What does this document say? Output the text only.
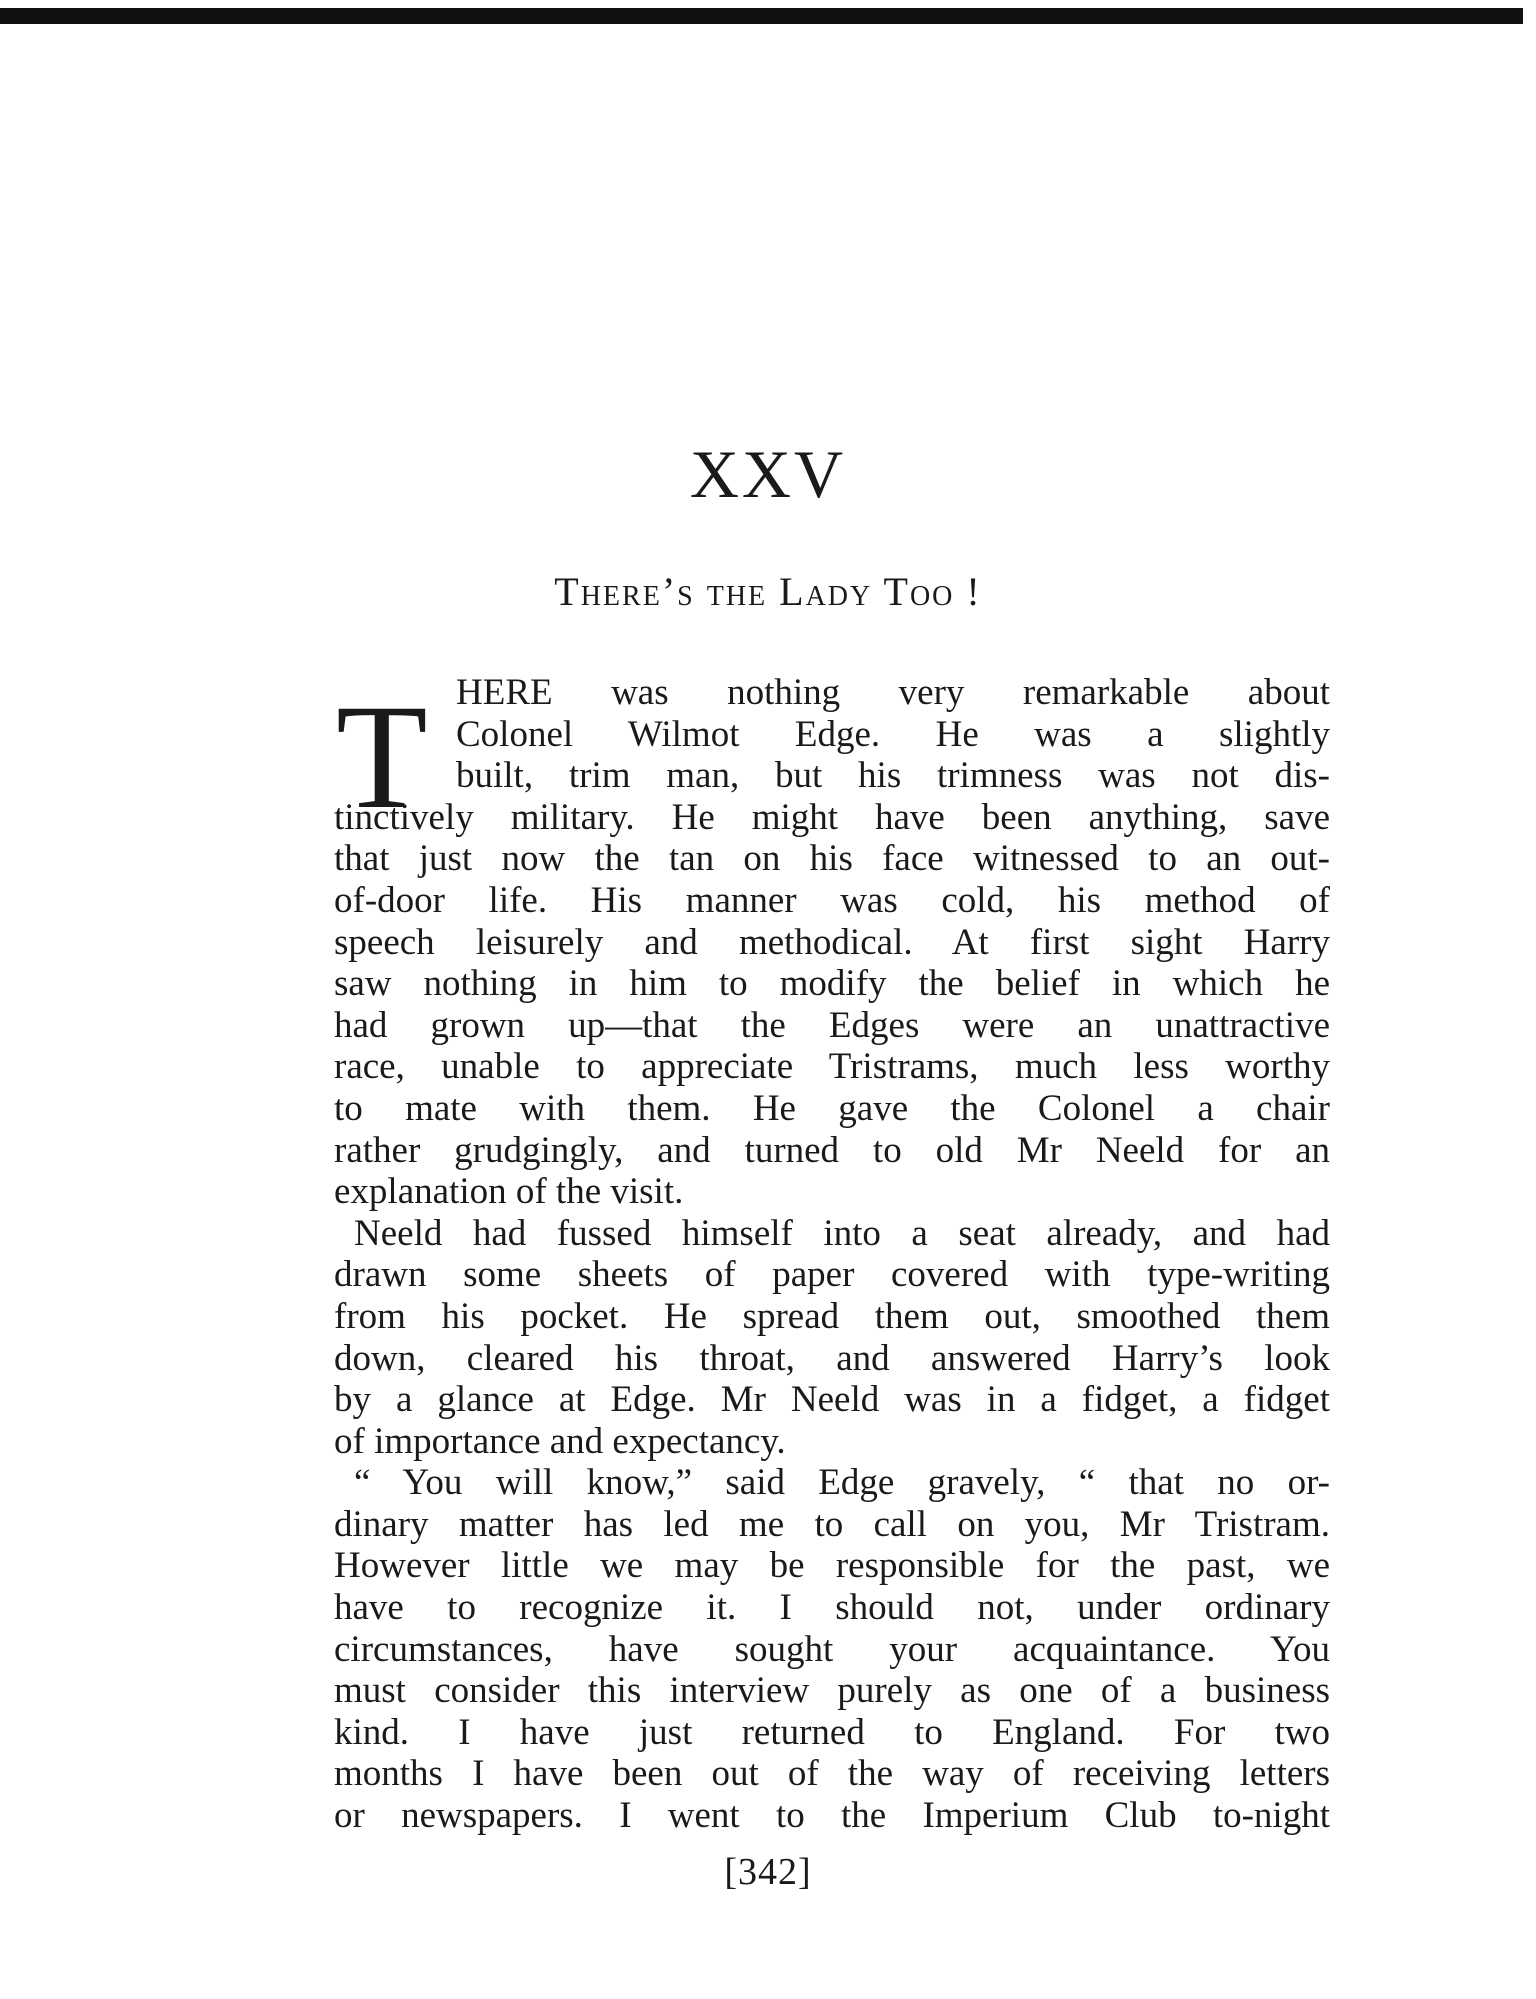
XXV
There’s the Lady Too !
T HERE was nothing very remarkable about
Colonel Wilmot Edge. He was a slightly
built, trim man, but his trimness was not dis-
tinctively military. He might have been anything, save
that just now the tan on his face witnessed to an out-
of-door life. His manner was cold, his method of
speech leisurely and methodical. At first sight Harry
saw nothing in him to modify the belief in which he
had grown up—that the Edges were an unattractive
race, unable to appreciate Tristrams, much less worthy
to mate with them. He gave the Colonel a chair
rather grudgingly, and turned to old Mr Neeld for an
explanation of the visit.
Neeld had fussed himself into a seat already, and had
drawn some sheets of paper covered with type-writing
from his pocket. He spread them out, smoothed them
down, cleared his throat, and answered Harry’s look
by a glance at Edge. Mr Neeld was in a fidget, a fidget
of importance and expectancy.
“ You will know,” said Edge gravely, “ that no or-
dinary matter has led me to call on you, Mr Tristram.
However little we may be responsible for the past, we
have to recognize it. I should not, under ordinary
circumstances, have sought your acquaintance. You
must consider this interview purely as one of a business
kind. I have just returned to England. For two
months I have been out of the way of receiving letters
or newspapers. I went to the Imperium Club to-night
[342]
